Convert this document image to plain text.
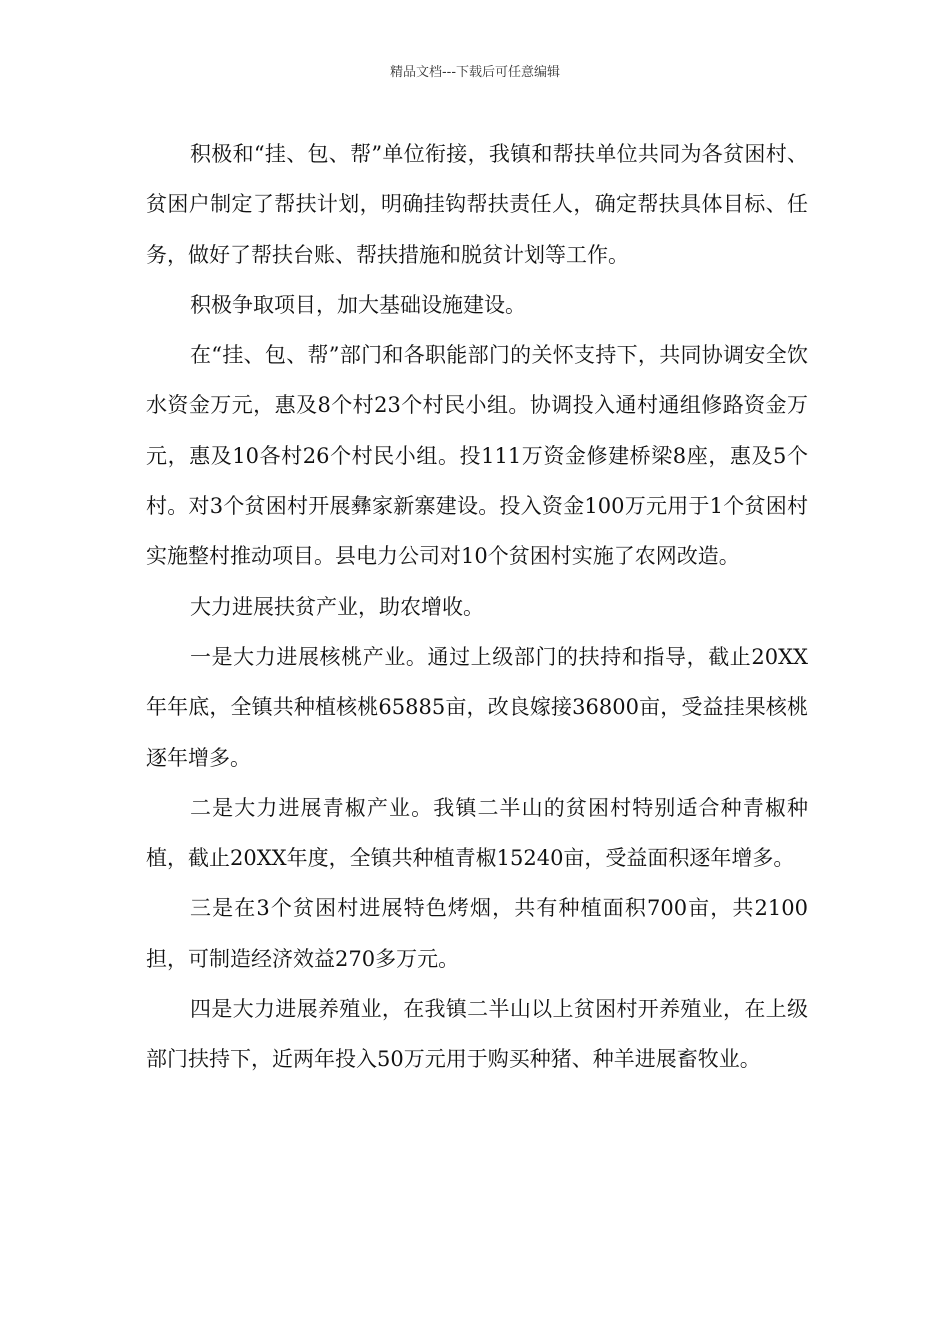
精品文档---下载后可任意编辑

积极和“挂、包、帮”单位衔接，我镇和帮扶单位共同为各贫困村、贫困户制定了帮扶计划，明确挂钩帮扶责任人，确定帮扶具体目标、任务，做好了帮扶台账、帮扶措施和脱贫计划等工作。

积极争取项目，加大基础设施建设。

在“挂、包、帮”部门和各职能部门的关怀支持下，共同协调安全饮水资金万元，惠及8个村23个村民小组。协调投入通村通组修路资金万元，惠及10各村26个村民小组。投111万资金修建桥梁8座，惠及5个村。对3个贫困村开展彝家新寨建设。投入资金100万元用于1个贫困村实施整村推动项目。县电力公司对10个贫困村实施了农网改造。

大力进展扶贫产业，助农增收。

一是大力进展核桃产业。通过上级部门的扶持和指导，截止20XX年年底，全镇共种植核桃65885亩，改良嫁接36800亩，受益挂果核桃逐年增多。

二是大力进展青椒产业。我镇二半山的贫困村特别适合种青椒种植，截止20XX年度，全镇共种植青椒15240亩，受益面积逐年增多。

三是在3个贫困村进展特色烤烟，共有种植面积700亩，共2100担，可制造经济效益270多万元。

四是大力进展养殖业，在我镇二半山以上贫困村开养殖业，在上级部门扶持下，近两年投入50万元用于购买种猪、种羊进展畜牧业。
